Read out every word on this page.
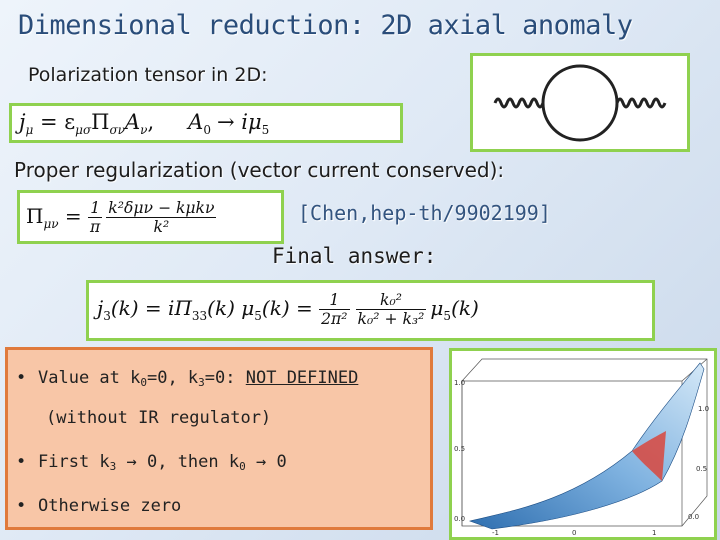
Dimensional reduction: 2D axial anomaly
Polarization tensor in 2D:
$j_\mu = \varepsilon_{\mu\sigma}\Pi_{\sigma\nu}A_\nu$, $A_0 \to i\mu_5$
Proper regularization (vector current conserved):
$\Pi_{\mu\nu} = \frac{1}{\pi} \frac{\text{k²δμν − kμkν}}{\text{k²}}$	[Chen,hep-th/9902199]
Final answer:
$j_3(k) = i\Pi_{33}(k) \mu_5(k) = \frac{1}{\text{2π²}} \frac{\text{k₀²}}{\text{k₀² + k₃²}} \mu_5(k)$
• Value at $k_0=0$, $k_3=0$: NOT DEFINED
(without IR regulator)
• First $k_3 \to 0$, then $k_0 \to 0$
• Otherwise zero
1.0
0.5
0.0
-1	0	1
0.0
0.5
1.0
